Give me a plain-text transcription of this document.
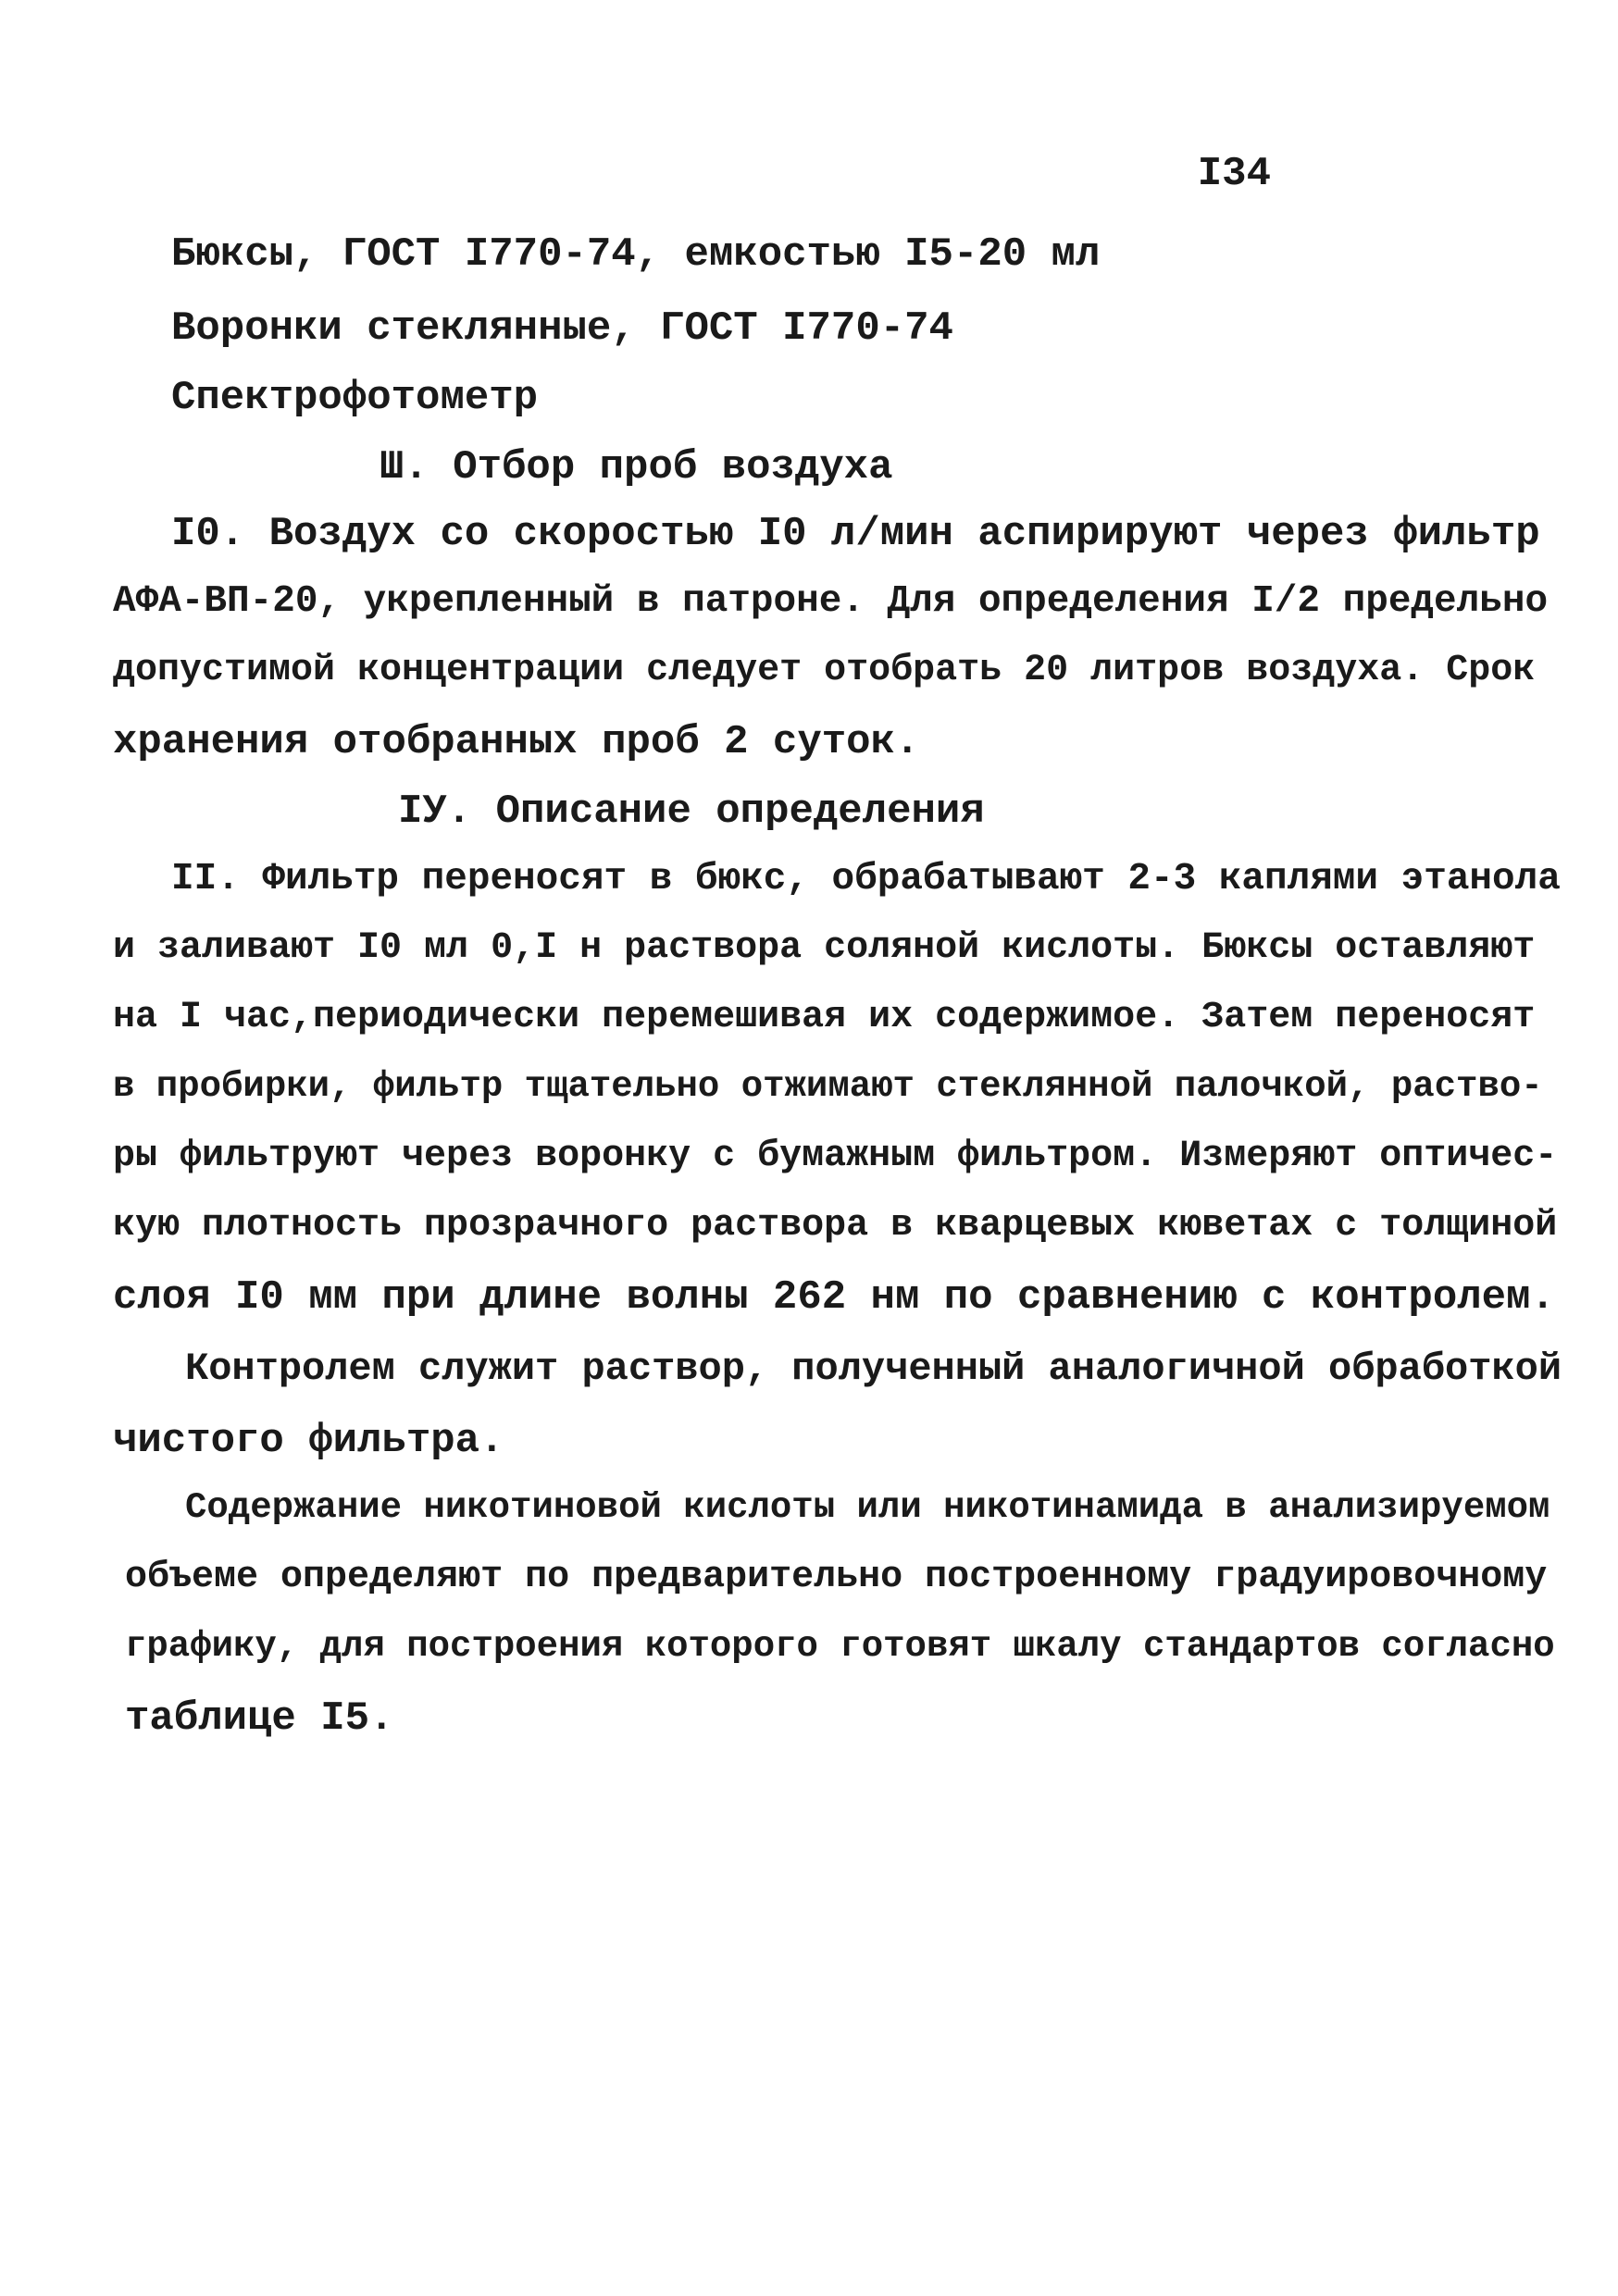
I34
Бюксы, ГОСТ I770-74, емкостью I5-20 мл
Воронки стеклянные, ГОСТ I770-74
Спектрофотометр
Ш. Отбор проб воздуха
I0. Воздух со скоростью I0 л/мин аспирируют через фильтр
АФА-ВП-20, укрепленный в патроне. Для определения I/2 предельно
допустимой концентрации следует отобрать 20 литров воздуха. Срок
хранения отобранных проб 2 суток.
IУ. Описание определения
II. Фильтр переносят в бюкс, обрабатывают 2-3 каплями этанола
и заливают I0 мл 0,I н раствора соляной кислоты. Бюксы оставляют
на I час,периодически перемешивая их содержимое. Затем переносят
в пробирки, фильтр тщательно отжимают стеклянной палочкой, раство-
ры фильтруют через воронку с бумажным фильтром. Измеряют оптичес-
кую плотность прозрачного раствора в кварцевых кюветах с толщиной
слоя I0 мм при длине волны 262 нм по сравнению с контролем.
Контролем служит раствор, полученный аналогичной обработкой
чистого фильтра.
Содержание никотиновой кислоты или никотинамида в анализируемом
объеме определяют по предварительно построенному градуировочному
графику, для построения которого готовят шкалу стандартов согласно
таблице I5.
